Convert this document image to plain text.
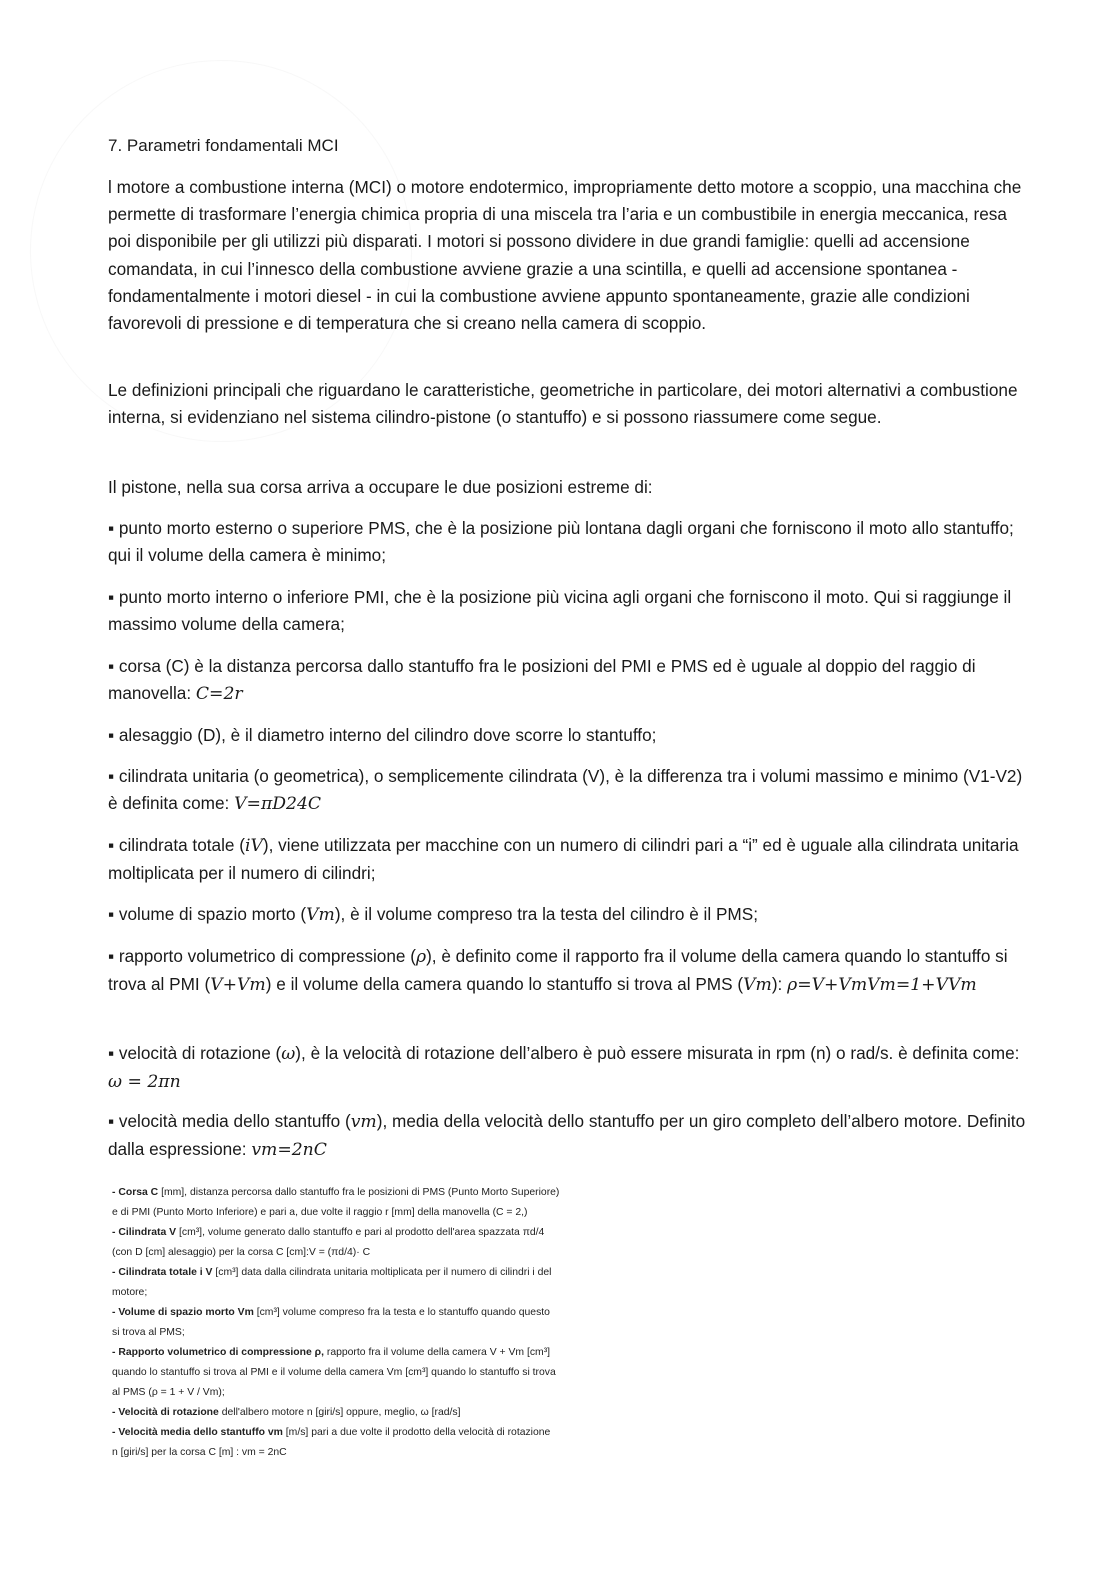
7. Parametri fondamentali MCI

l motore a combustione interna (MCI) o motore endotermico, impropriamente detto motore a scoppio, una macchina che permette di trasformare l’energia chimica propria di una miscela tra l’aria e un combustibile in energia meccanica, resa poi disponibile per gli utilizzi più disparati. I motori si possono dividere in due grandi famiglie: quelli ad accensione comandata, in cui l’innesco della combustione avviene grazie a una scintilla, e quelli ad accensione spontanea - fondamentalmente i motori diesel - in cui la combustione avviene appunto spontaneamente, grazie alle condizioni favorevoli di pressione e di temperatura che si creano nella camera di scoppio.

Le definizioni principali che riguardano le caratteristiche, geometriche in particolare, dei motori alternativi a combustione interna, si evidenziano nel sistema cilindro-pistone (o stantuffo) e si possono riassumere come segue.

Il pistone, nella sua corsa arriva a occupare le due posizioni estreme di:

▪ punto morto esterno o superiore PMS, che è la posizione più lontana dagli organi che forniscono il moto allo stantuffo; qui il volume della camera è minimo;

▪ punto morto interno o inferiore PMI, che è la posizione più vicina agli organi che forniscono il moto. Qui si raggiunge il massimo volume della camera;

▪ corsa (C) è la distanza percorsa dallo stantuffo fra le posizioni del PMI e PMS ed è uguale al doppio del raggio di manovella: C=2r

▪ alesaggio (D), è il diametro interno del cilindro dove scorre lo stantuffo;

▪ cilindrata unitaria (o geometrica), o semplicemente cilindrata (V), è la differenza tra i volumi massimo e minimo (V1-V2) è definita come: V=πD24C

▪ cilindrata totale (iV), viene utilizzata per macchine con un numero di cilindri pari a “i” ed è uguale alla cilindrata unitaria moltiplicata per il numero di cilindri;

▪ volume di spazio morto (Vm), è il volume compreso tra la testa del cilindro è il PMS;

▪ rapporto volumetrico di compressione (ρ), è definito come il rapporto fra il volume della camera quando lo stantuffo si trova al PMI (V+Vm) e il volume della camera quando lo stantuffo si trova al PMS (Vm): ρ=V+VmVm=1+VVm

▪ velocità di rotazione (ω), è la velocità di rotazione dell’albero è può essere misurata in rpm (n) o rad/s. è definita come: ω = 2πn

▪ velocità media dello stantuffo (vm), media della velocità dello stantuffo per un giro completo dell’albero motore. Definito dalla espressione: vm=2nC

- Corsa C [mm], distanza percorsa dallo stantuffo fra le posizioni di PMS (Punto Morto Superiore)
e di PMI (Punto Morto Inferiore) e pari a, due volte il raggio r [mm] della manovella (C = 2,)
- Cilindrata V [cm³], volume generato dallo stantuffo e pari al prodotto dell'area spazzata πd/4
(con D [cm] alesaggio) per la corsa C [cm]:V = (πd/4)· C
- Cilindrata totale i V [cm³] data dalla cilindrata unitaria moltiplicata per il numero di cilindri i del
motore;
- Volume di spazio morto Vm [cm³] volume compreso fra la testa e lo stantuffo quando questo
si trova al PMS;
- Rapporto volumetrico di compressione ρ, rapporto fra il volume della camera V + Vm [cm³]
quando lo stantuffo si trova al PMI e il volume della camera Vm [cm³] quando lo stantuffo si trova
al PMS (ρ = 1 + V / Vm);
- Velocità di rotazione dell'albero motore n [giri/s] oppure, meglio, ω [rad/s]
- Velocità media dello stantuffo vm [m/s] pari a due volte il prodotto della velocità di rotazione
n [giri/s] per la corsa C [m] : vm = 2nC
